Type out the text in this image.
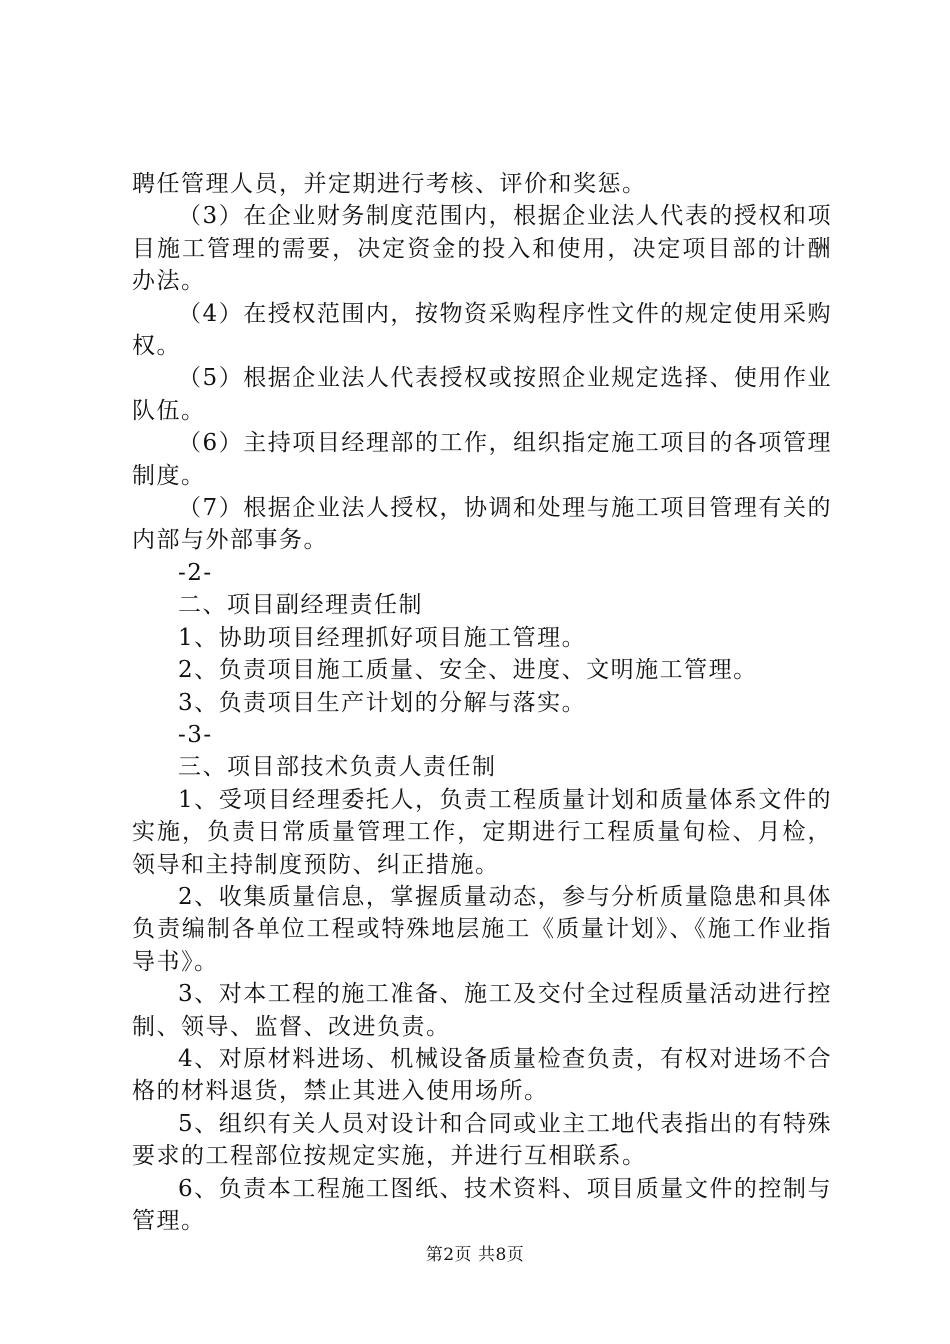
聘任管理人员，并定期进行考核、评价和奖惩。

（3）在企业财务制度范围内，根据企业法人代表的授权和项目施工管理的需要，决定资金的投入和使用，决定项目部的计酬办法。

（4）在授权范围内，按物资采购程序性文件的规定使用采购权。

（5）根据企业法人代表授权或按照企业规定选择、使用作业队伍。

（6）主持项目经理部的工作，组织指定施工项目的各项管理制度。

（7）根据企业法人授权，协调和处理与施工项目管理有关的内部与外部事务。

-2-

二、项目副经理责任制

1、协助项目经理抓好项目施工管理。

2、负责项目施工质量、安全、进度、文明施工管理。

3、负责项目生产计划的分解与落实。

-3-

三、项目部技术负责人责任制

1、受项目经理委托人，负责工程质量计划和质量体系文件的实施，负责日常质量管理工作，定期进行工程质量旬检、月检，领导和主持制度预防、纠正措施。

2、收集质量信息，掌握质量动态，参与分析质量隐患和具体负责编制各单位工程或特殊地层施工《质量计划》、《施工作业指导书》。

3、对本工程的施工准备、施工及交付全过程质量活动进行控制、领导、监督、改进负责。

4、对原材料进场、机械设备质量检查负责，有权对进场不合格的材料退货，禁止其进入使用场所。

5、组织有关人员对设计和合同或业主工地代表指出的有特殊要求的工程部位按规定实施，并进行互相联系。

6、负责本工程施工图纸、技术资料、项目质量文件的控制与管理。

第2页 共8页
